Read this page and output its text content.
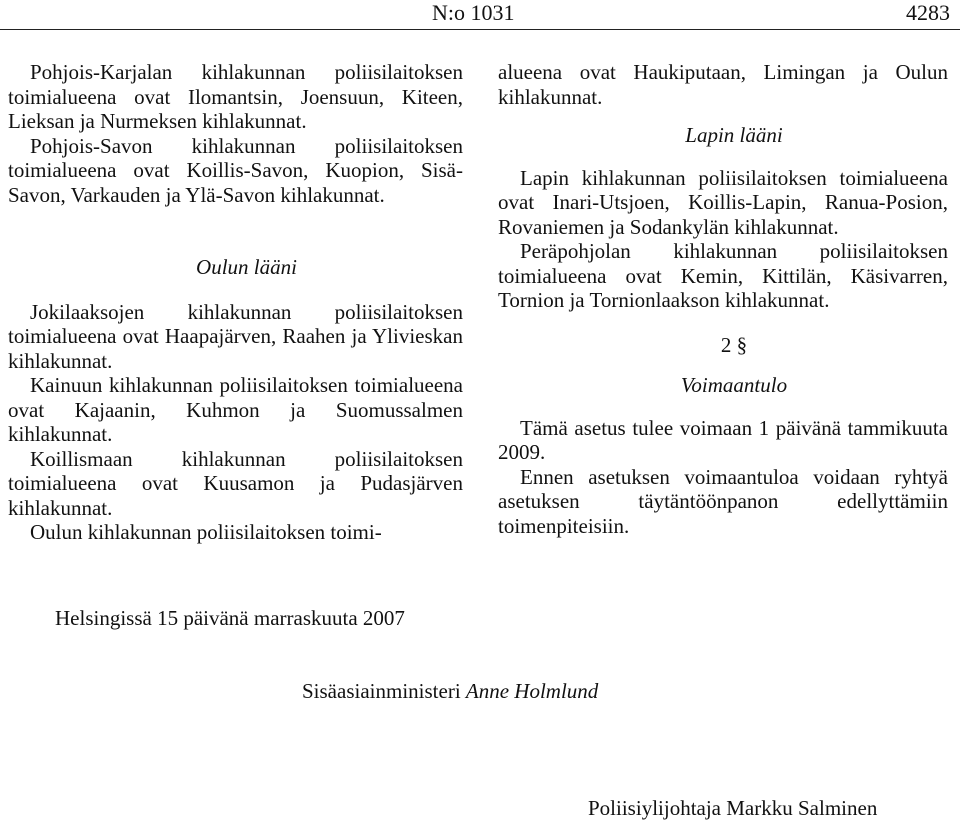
N:o 1031	4283

Pohjois-Karjalan kihlakunnan poliisilaitoksen toimialueena ovat Ilomantsin, Joensuun, Kiteen, Lieksan ja Nurmeksen kihlakunnat.

Pohjois-Savon kihlakunnan poliisilaitoksen toimialueena ovat Koillis-Savon, Kuopion, Sisä-Savon, Varkauden ja Ylä-Savon kihlakunnat.

Oulun lääni

Jokilaaksojen kihlakunnan poliisilaitoksen toimialueena ovat Haapajärven, Raahen ja Ylivieskan kihlakunnat.

Kainuun kihlakunnan poliisilaitoksen toimialueena ovat Kajaanin, Kuhmon ja Suomussalmen kihlakunnat.

Koillismaan kihlakunnan poliisilaitoksen toimialueena ovat Kuusamon ja Pudasjärven kihlakunnat.

Oulun kihlakunnan poliisilaitoksen toimi-

alueena ovat Haukiputaan, Limingan ja Oulun kihlakunnat.

Lapin lääni

Lapin kihlakunnan poliisilaitoksen toimialueena ovat Inari-Utsjoen, Koillis-Lapin, Ranua-Posion, Rovaniemen ja Sodankylän kihlakunnat.

Peräpohjolan kihlakunnan poliisilaitoksen toimialueena ovat Kemin, Kittilän, Käsivarren, Tornion ja Tornionlaakson kihlakunnat.

2 §

Voimaantulo

Tämä asetus tulee voimaan 1 päivänä tammikuuta 2009.

Ennen asetuksen voimaantuloa voidaan ryhtyä asetuksen täytäntöönpanon edellyttämiin toimenpiteisiin.

Helsingissä 15 päivänä marraskuuta 2007
Sisäasiainministeri Anne Holmlund
Poliisiylijohtaja Markku Salminen
